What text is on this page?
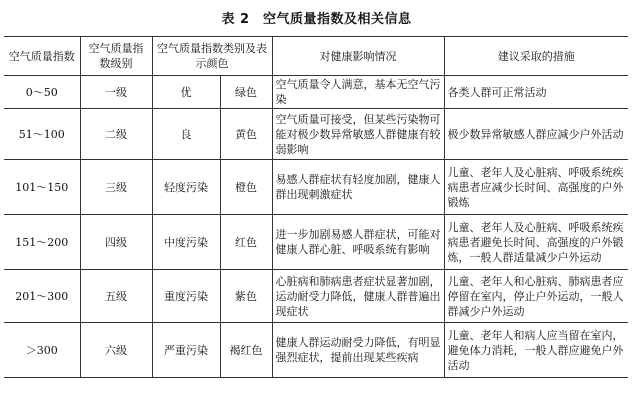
表 2　空气质量指数及相关信息
空气质量指数	空气质量指数级别	空气质量指数类别及表示颜色		对健康影响情况	建议采取的措施
0～50	一级	优	绿色	空气质量令人满意，基本无空气污染	各类人群可正常活动
51～100	二级	良	黄色	空气质量可接受，但某些污染物可能对极少数异常敏感人群健康有较弱影响	极少数异常敏感人群应减少户外活动
101～150	三级	轻度污染	橙色	易感人群症状有轻度加剧，健康人群出现刺激症状	儿童、老年人及心脏病、呼吸系统疾病患者应减少长时间、高强度的户外锻炼
151～200	四级	中度污染	红色	进一步加剧易感人群症状，可能对健康人群心脏、呼吸系统有影响	儿童、老年人及心脏病、呼吸系统疾病患者避免长时间、高强度的户外锻炼，一般人群适量减少户外运动
201～300	五级	重度污染	紫色	心脏病和肺病患者症状显著加剧，运动耐受力降低，健康人群普遍出现症状	儿童、老年人和心脏病、肺病患者应停留在室内，停止户外运动，一般人群减少户外运动
＞300	六级	严重污染	褐红色	健康人群运动耐受力降低，有明显强烈症状，提前出现某些疾病	儿童、老年人和病人应当留在室内，避免体力消耗，一般人群应避免户外活动
